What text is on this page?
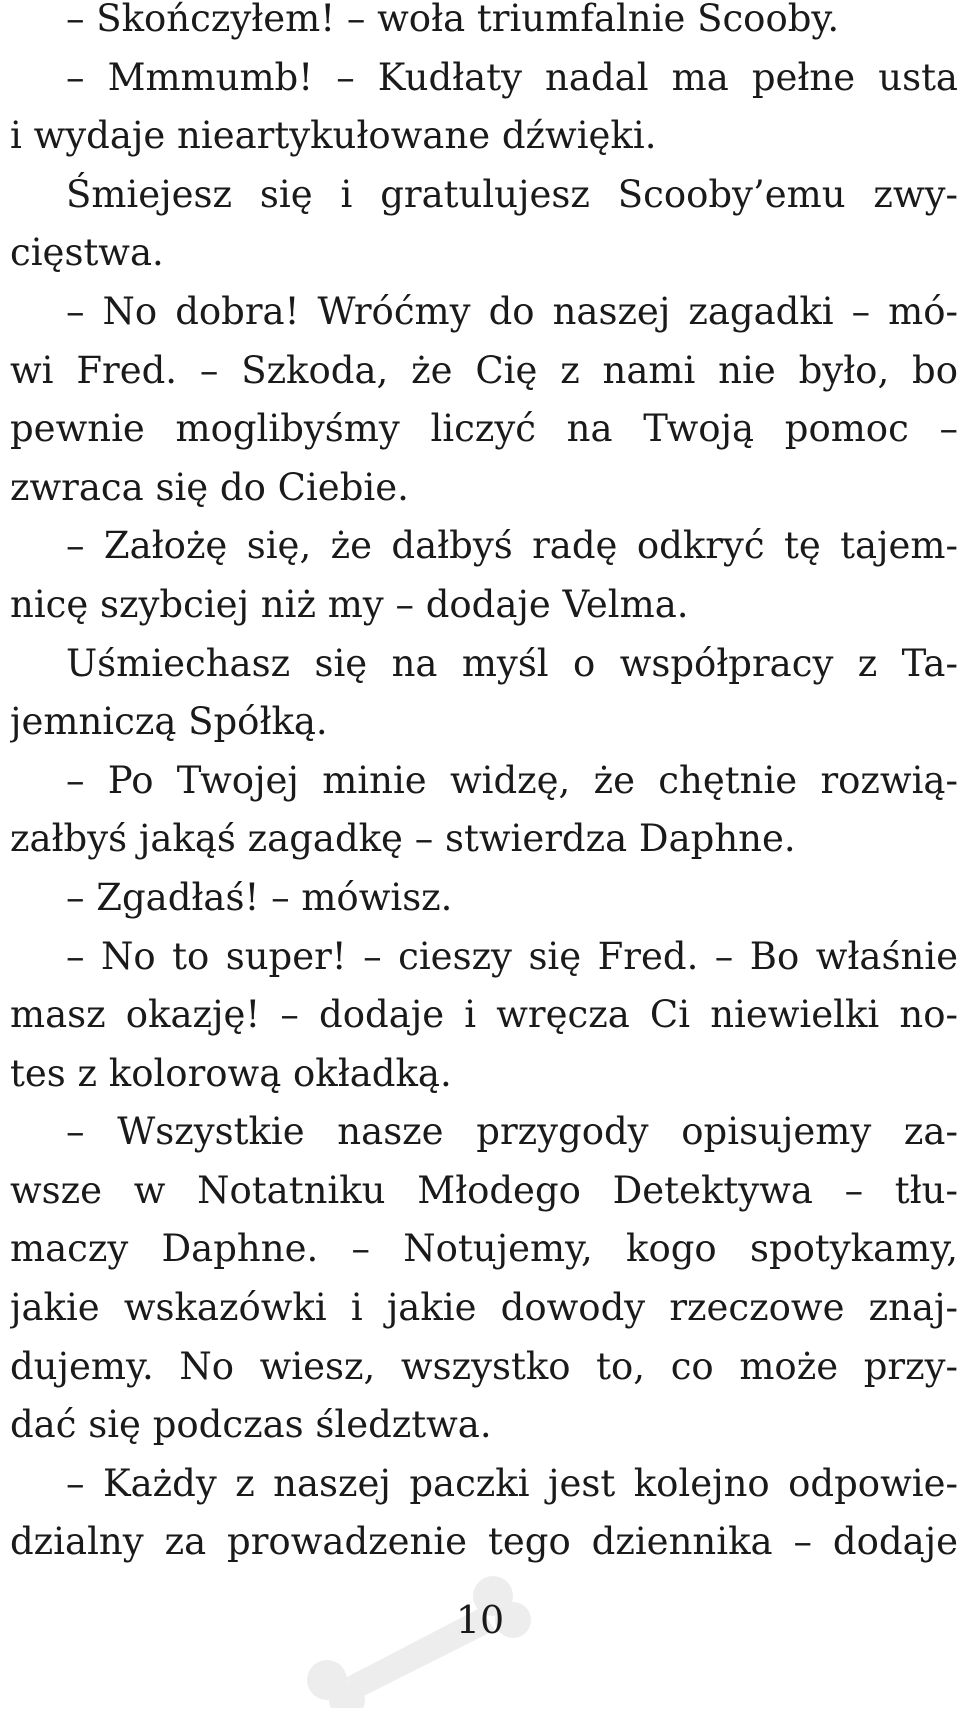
– Skończyłem! – woła triumfalnie Scooby.
– Mmmumb! – Kudłaty nadal ma pełne usta
i wydaje nieartykułowane dźwięki.
Śmiejesz się i gratulujesz Scooby’emu zwy-
cięstwa.
– No dobra! Wróćmy do naszej zagadki – mó-
wi Fred. – Szkoda, że Cię z nami nie było, bo
pewnie moglibyśmy liczyć na Twoją pomoc –
zwraca się do Ciebie.
– Założę się, że dałbyś radę odkryć tę tajem-
nicę szybciej niż my – dodaje Velma.
Uśmiechasz się na myśl o współpracy z Ta-
jemniczą Spółką.
– Po Twojej minie widzę, że chętnie rozwią-
załbyś jakąś zagadkę – stwierdza Daphne.
– Zgadłaś! – mówisz.
– No to super! – cieszy się Fred. – Bo właśnie
masz okazję! – dodaje i wręcza Ci niewielki no-
tes z kolorową okładką.
– Wszystkie nasze przygody opisujemy za-
wsze w Notatniku Młodego Detektywa – tłu-
maczy Daphne. – Notujemy, kogo spotykamy,
jakie wskazówki i jakie dowody rzeczowe znaj-
dujemy. No wiesz, wszystko to, co może przy-
dać się podczas śledztwa.
– Każdy z naszej paczki jest kolejno odpowie-
dzialny za prowadzenie tego dziennika – dodaje
10
